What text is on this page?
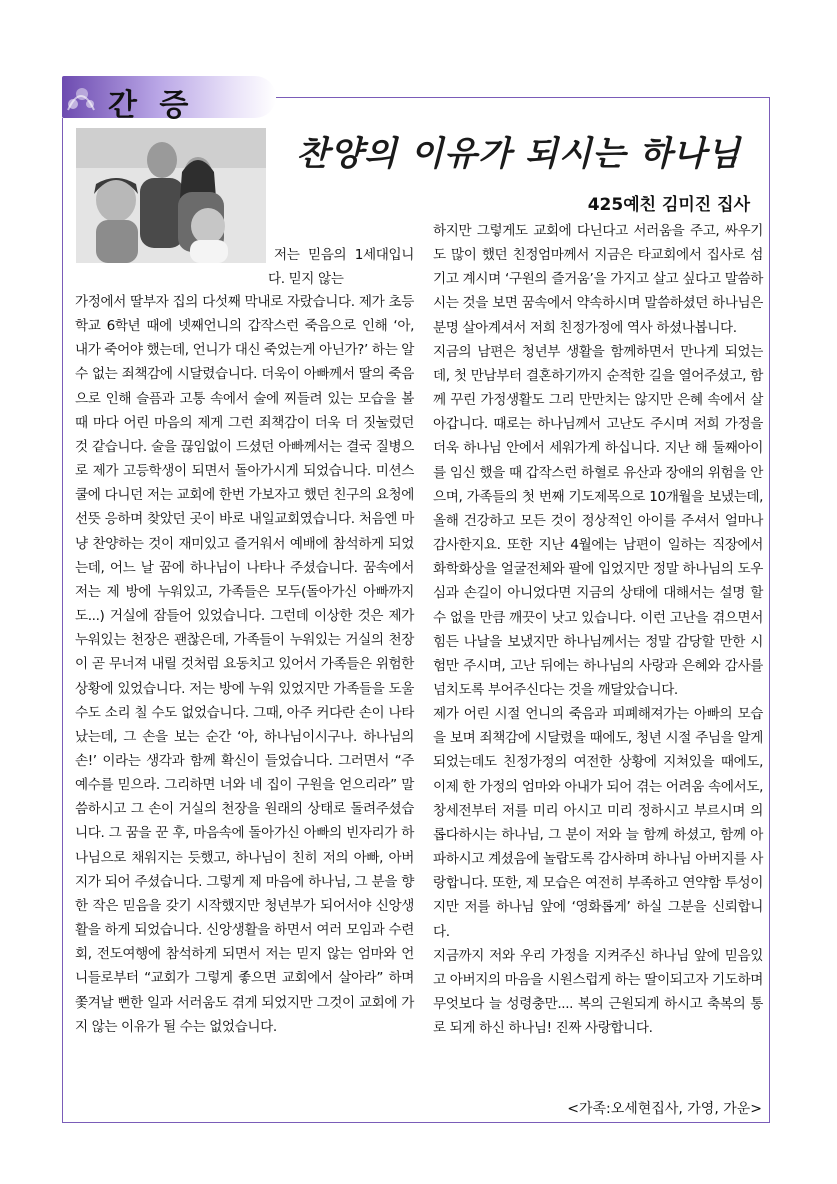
간 증
찬양의 이유가 되시는 하나님
425예친 김미진 집사

저는 믿음의 1세대입니다. 믿지 않는

가정에서 딸부자 집의 다섯째 막내로 자랐습니다. 제가 초등학교 6학년 때에 넷째언니의 갑작스런 죽음으로 인해 ‘아, 내가 죽어야 했는데, 언니가 대신 죽었는게 아닌가?’ 하는 알 수 없는 죄책감에 시달렸습니다. 더욱이 아빠께서 딸의 죽음으로 인해 슬픔과 고통 속에서 술에 찌들려 있는 모습을 볼 때 마다 어린 마음의 제게 그런 죄책감이 더욱 더 짓눌렀던 것 같습니다. 술을 끊임없이 드셨던 아빠께서는 결국 질병으로 제가 고등학생이 되면서 돌아가시게 되었습니다. 미션스쿨에 다니던 저는 교회에 한번 가보자고 했던 친구의 요청에 선뜻 응하며 찾았던 곳이 바로 내일교회였습니다. 처음엔 마냥 찬양하는 것이 재미있고 즐거워서 예배에 참석하게 되었는데, 어느 날 꿈에 하나님이 나타나 주셨습니다. 꿈속에서 저는 제 방에 누워있고, 가족들은 모두(돌아가신 아빠까지도...) 거실에 잠들어 있었습니다. 그런데 이상한 것은 제가 누워있는 천장은 괜찮은데, 가족들이 누워있는 거실의 천장이 곧 무너져 내릴 것처럼 요동치고 있어서 가족들은 위험한 상황에 있었습니다. 저는 방에 누워 있었지만 가족들을 도울 수도 소리 칠 수도 없었습니다. 그때, 아주 커다란 손이 나타났는데, 그 손을 보는 순간 ‘아, 하나님이시구나. 하나님의 손!’ 이라는 생각과 함께 확신이 들었습니다. 그러면서 “주 예수를 믿으라. 그리하면 너와 네 집이 구원을 얻으리라” 말씀하시고 그 손이 거실의 천장을 원래의 상태로 돌려주셨습니다. 그 꿈을 꾼 후, 마음속에 돌아가신 아빠의 빈자리가 하나님으로 채워지는 듯했고, 하나님이 친히 저의 아빠, 아버지가 되어 주셨습니다. 그렇게 제 마음에 하나님, 그 분을 향한 작은 믿음을 갖기 시작했지만 청년부가 되어서야 신앙생활을 하게 되었습니다. 신앙생활을 하면서 여러 모임과 수련회, 전도여행에 참석하게 되면서 저는 믿지 않는 엄마와 언니들로부터 “교회가 그렇게 좋으면 교회에서 살아라” 하며 쫓겨날 뻔한 일과 서러움도 겪게 되었지만 그것이 교회에 가지 않는 이유가 될 수는 없었습니다.

하지만 그렇게도 교회에 다닌다고 서러움을 주고, 싸우기도 많이 했던 친정엄마께서 지금은 타교회에서 집사로 섬기고 계시며 ‘구원의 즐거움’을 가지고 살고 싶다고 말씀하시는 것을 보면 꿈속에서 약속하시며 말씀하셨던 하나님은 분명 살아계셔서 저희 친정가정에 역사 하셨나봅니다.

지금의 남편은 청년부 생활을 함께하면서 만나게 되었는데, 첫 만남부터 결혼하기까지 순적한 길을 열어주셨고, 함께 꾸린 가정생활도 그리 만만치는 않지만 은혜 속에서 살아갑니다. 때로는 하나님께서 고난도 주시며 저희 가정을 더욱 하나님 안에서 세워가게 하십니다. 지난 해 둘째아이를 임신 했을 때 갑작스런 하혈로 유산과 장애의 위험을 안으며, 가족들의 첫 번째 기도제목으로 10개월을 보냈는데, 올해 건강하고 모든 것이 정상적인 아이를 주셔서 얼마나 감사한지요. 또한 지난 4월에는 남편이 일하는 직장에서 화학화상을 얼굴전체와 팔에 입었지만 정말 하나님의 도우심과 손길이 아니었다면 지금의 상태에 대해서는 설명 할 수 없을 만큼 깨끗이 낫고 있습니다. 이런 고난을 겪으면서 힘든 나날을 보냈지만 하나님께서는 정말 감당할 만한 시험만 주시며, 고난 뒤에는 하나님의 사랑과 은혜와 감사를 넘치도록 부어주신다는 것을 깨달았습니다.

제가 어린 시절 언니의 죽음과 피폐해져가는 아빠의 모습을 보며 죄책감에 시달렸을 때에도, 청년 시절 주님을 알게 되었는데도 친정가정의 여전한 상황에 지쳐있을 때에도, 이제 한 가정의 엄마와 아내가 되어 겪는 어려움 속에서도, 창세전부터 저를 미리 아시고 미리 정하시고 부르시며 의롭다하시는 하나님, 그 분이 저와 늘 함께 하셨고, 함께 아파하시고 계셨음에 놀랍도록 감사하며 하나님 아버지를 사랑합니다. 또한, 제 모습은 여전히 부족하고 연약함 투성이지만 저를 하나님 앞에 ‘영화롭게’ 하실 그분을 신뢰합니다.

지금까지 저와 우리 가정을 지켜주신 하나님 앞에 믿음있고 아버지의 마음을 시원스럽게 하는 딸이되고자 기도하며 무엇보다 늘 성령충만.... 복의 근원되게 하시고 축복의 통로 되게 하신 하나님! 진짜 사랑합니다.

<가족:오세현집사, 가영, 가운>
